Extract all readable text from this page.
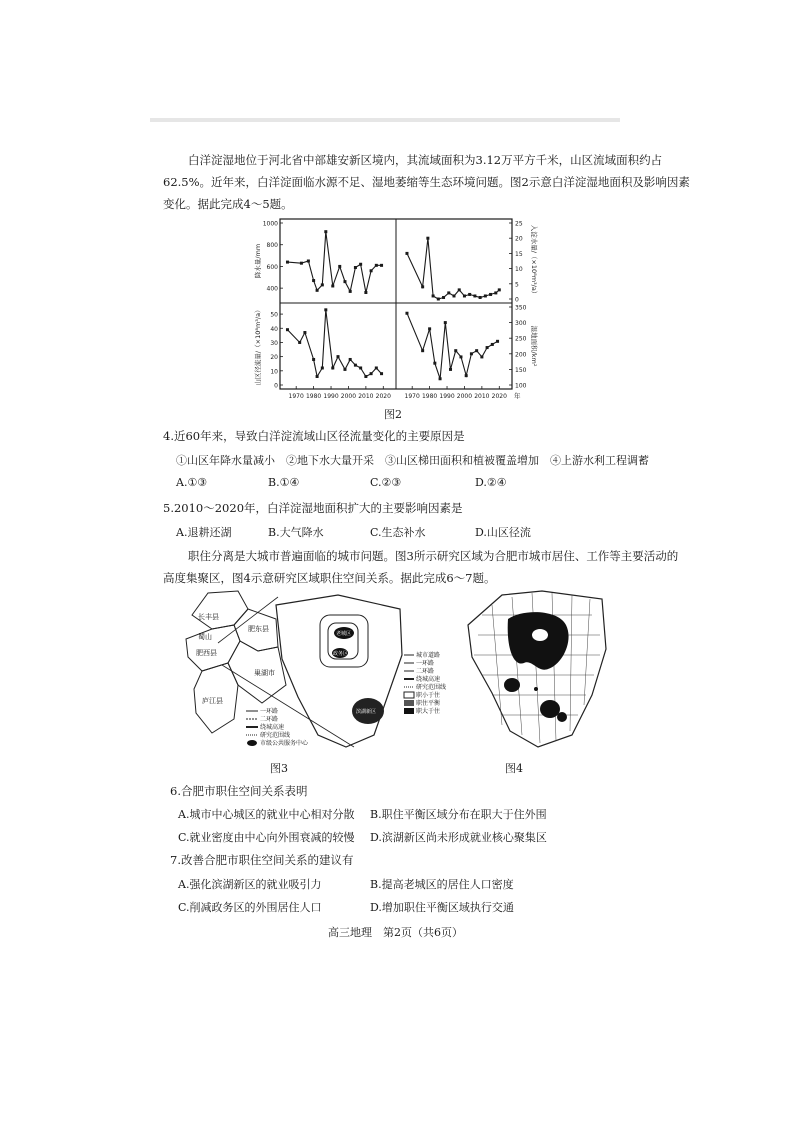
白洋淀湿地位于河北省中部雄安新区境内，其流域面积为3.12万平方千米，山区流域面积约占
62.5%。近年来，白洋淀面临水源不足、湿地萎缩等生态环境问题。图2示意白洋淀湿地面积及影响因素
变化。据此完成4～5题。
400
600
800
1000
降水量/mm
0
5
10
15
20
25
入淀水量/（×10⁸m³/a）
0
10
20
30
40
50
山区径流量/（×10⁸m³/a）
100
150
200
250
300
350
湿地面积/km²
1970 1980 1990 2000 2010 2020 1970 1980 1990 2000 2010 2020 年
图2
4.近60年来，导致白洋淀流域山区径流量变化的主要原因是
①山区年降水量减小　②地下水大量开采　③山区梯田面积和植被覆盖增加　④上游水利工程调蓄
A.①③	B.①④	C.②③	D.②④
5.2010～2020年，白洋淀湿地面积扩大的主要影响因素是
A.退耕还湖	B.大气降水	C.生态补水	D.山区径流
职住分离是大城市普遍面临的城市问题。图3所示研究区域为合肥市城市居住、工作等主要活动的
高度集聚区，图4示意研究区域职住空间关系。据此完成6～7题。
一环路
二环路
绕城高速
研究范围线
市级公共服务中心
城市道路
一环路
二环路
绕城高速
研究范围线
职小于住
职住平衡
职大于住
长丰县
肥东县
肥西县
巢湖市
庐江县
蜀山	老城区
政务区
滨湖新区
图3	图4
6.合肥市职住空间关系表明
A.城市中心城区的就业中心相对分散 B.职住平衡区域分布在职大于住外围
C.就业密度由中心向外围衰减的较慢 D.滨湖新区尚未形成就业核心聚集区
7.改善合肥市职住空间关系的建议有
A.强化滨湖新区的就业吸引力	B.提高老城区的居住人口密度
C.削减政务区的外围居住人口	D.增加职住平衡区域执行交通
高三地理　第2页（共6页）
